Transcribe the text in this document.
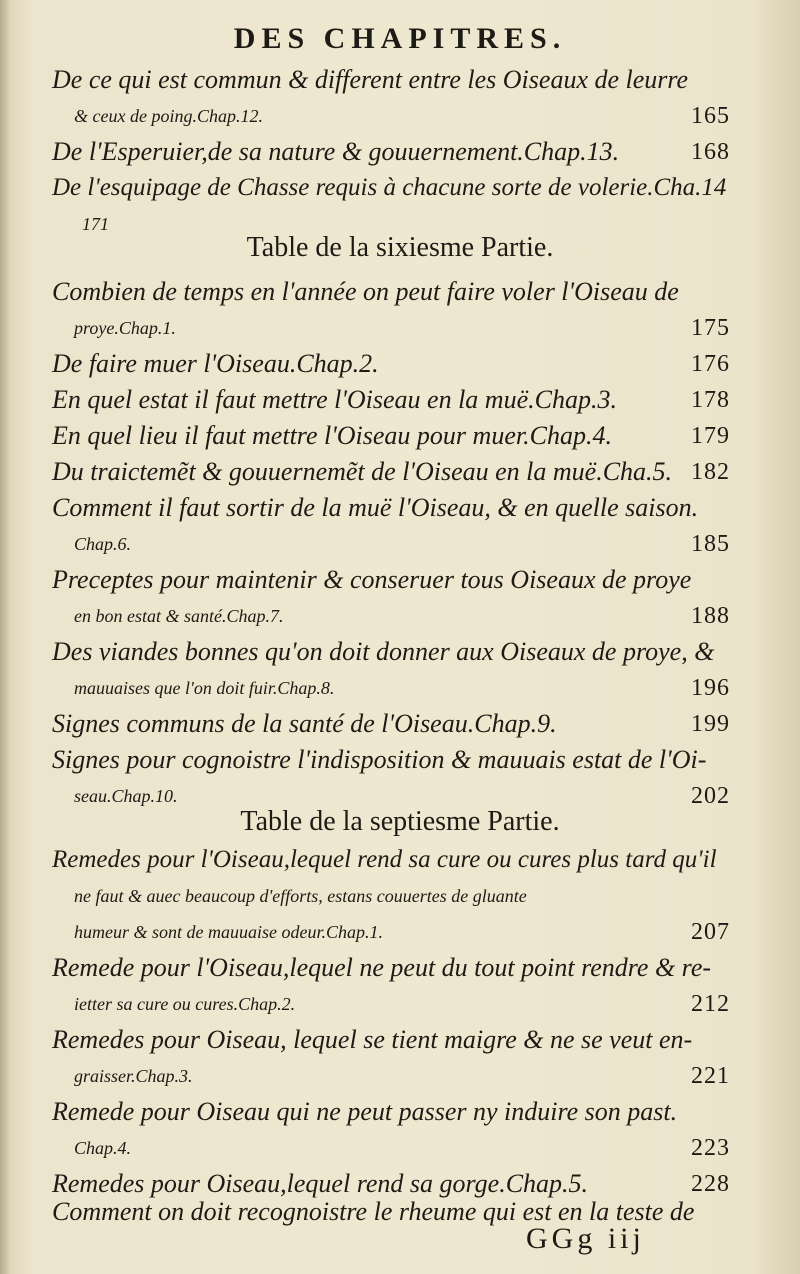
DES CHAPITRES.
De ce qui est commun & different entre les Oiseaux de leurre
& ceux de poing.Chap.12.	165
De l'Esperuier,de sa nature & gouuernement.Chap.13.	168
De l'esquipage de Chasse requis à chacune sorte de volerie.Cha.14
171
Table de la sixiesme Partie.
Combien de temps en l'année on peut faire voler l'Oiseau de
proye.Chap.1.	175
De faire muer l'Oiseau.Chap.2.	176
En quel estat il faut mettre l'Oiseau en la muë.Chap.3.	178
En quel lieu il faut mettre l'Oiseau pour muer.Chap.4.	179
Du traictemẽt & gouuernemẽt de l'Oiseau en la muë.Cha.5. 182
Comment il faut sortir de la muë l'Oiseau, & en quelle saison.
Chap.6.	185
Preceptes pour maintenir & conseruer tous Oiseaux de proye
en bon estat & santé.Chap.7.	188
Des viandes bonnes qu'on doit donner aux Oiseaux de proye, &
mauuaises que l'on doit fuir.Chap.8.	196
Signes communs de la santé de l'Oiseau.Chap.9.	199
Signes pour cognoistre l'indisposition & mauuais estat de l'Oi-
seau.Chap.10.	202
Table de la septiesme Partie.
Remedes pour l'Oiseau,lequel rend sa cure ou cures plus tard qu'il
ne faut & auec beaucoup d'efforts, estans couuertes de gluante
humeur & sont de mauuaise odeur.Chap.1.	207
Remede pour l'Oiseau,lequel ne peut du tout point rendre & re-
ietter sa cure ou cures.Chap.2.	212
Remedes pour Oiseau, lequel se tient maigre & ne se veut en-
graisser.Chap.3.	221
Remede pour Oiseau qui ne peut passer ny induire son past.
Chap.4.	223
Remedes pour Oiseau,lequel rend sa gorge.Chap.5.	228
Comment on doit recognoistre le rheume qui est en la teste de
GGg iij
